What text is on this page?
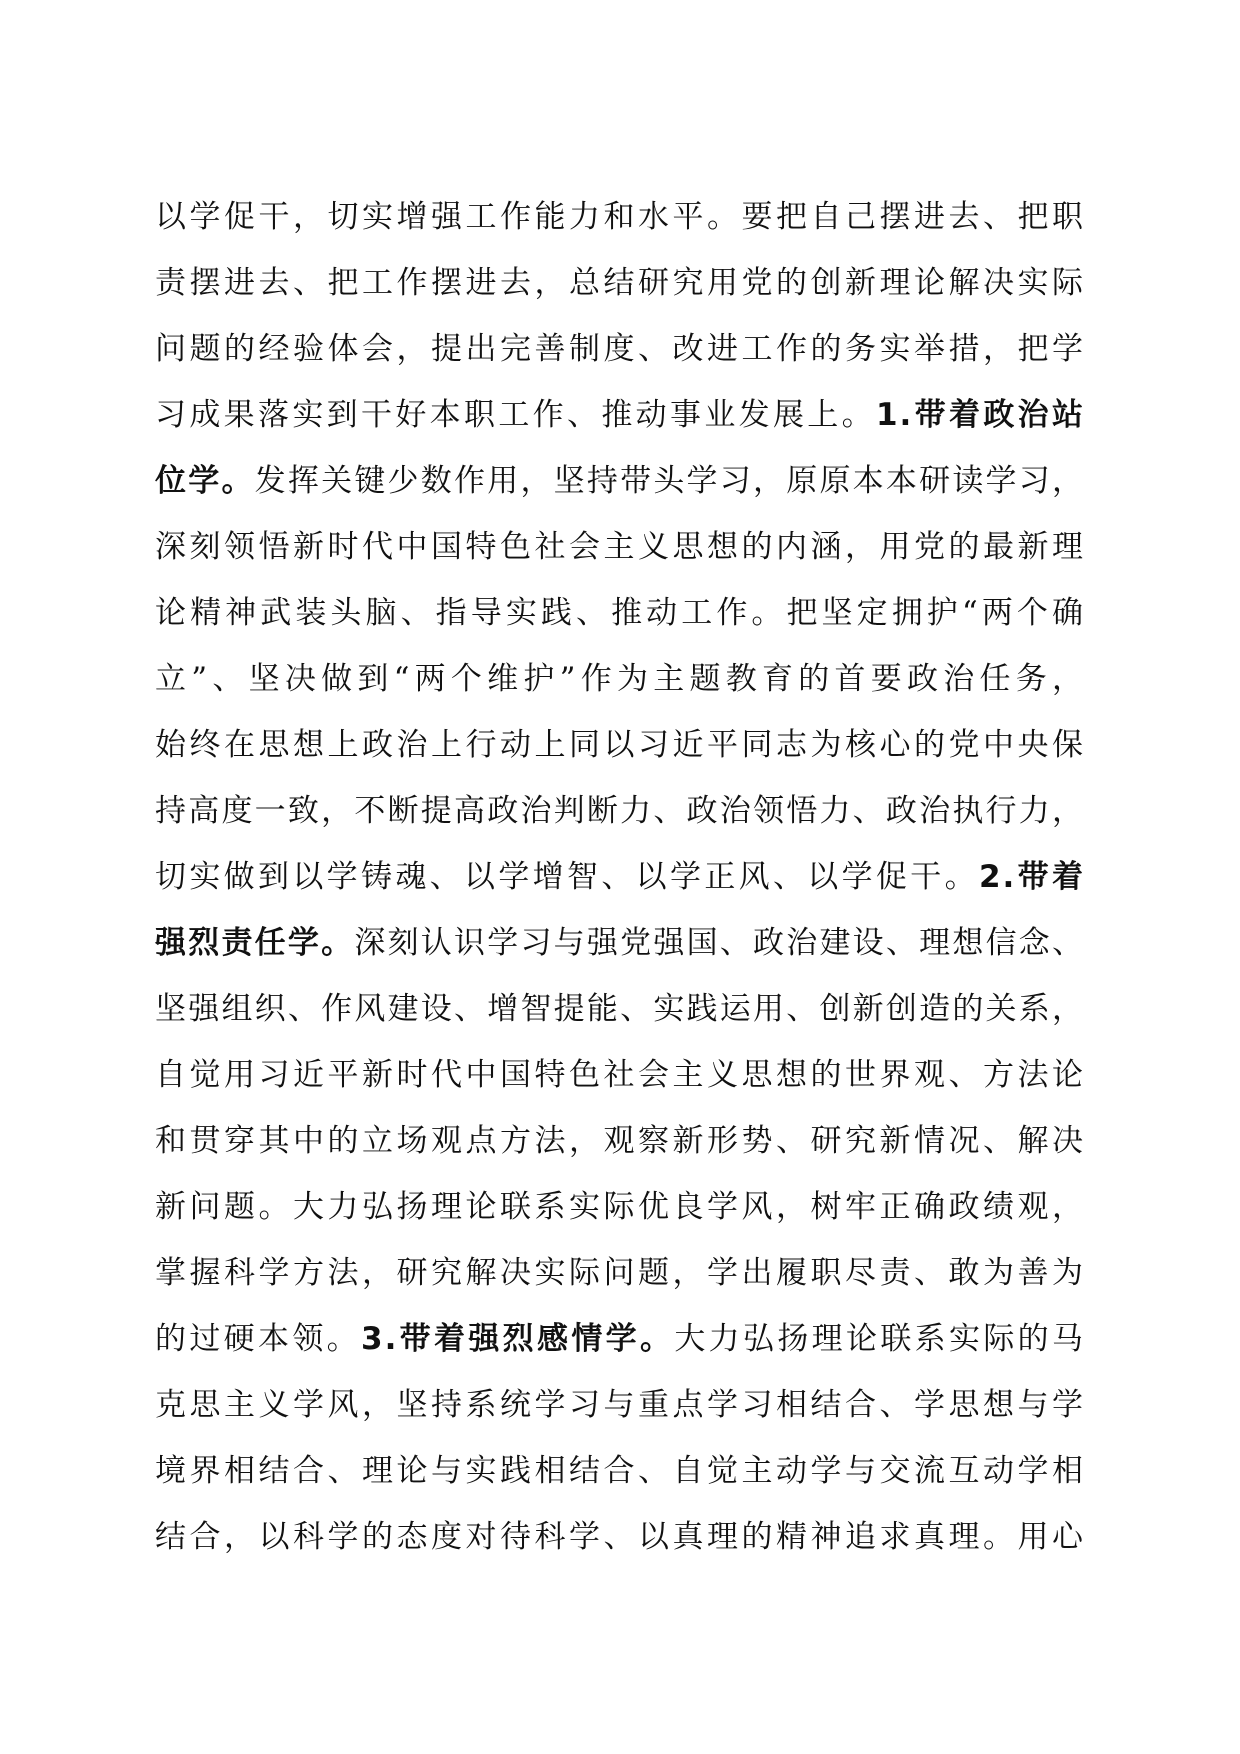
以学促干，切实增强工作能力和水平。要把自己摆进去、把职
责摆进去、把工作摆进去，总结研究用党的创新理论解决实际
问题的经验体会，提出完善制度、改进工作的务实举措，把学
习成果落实到干好本职工作、推动事业发展上。1.带着政治站
位学。发挥关键少数作用，坚持带头学习，原原本本研读学习，
深刻领悟新时代中国特色社会主义思想的内涵，用党的最新理
论精神武装头脑、指导实践、推动工作。把坚定拥护“两个确
立”、坚决做到“两个维护”作为主题教育的首要政治任务，
始终在思想上政治上行动上同以习近平同志为核心的党中央保
持高度一致，不断提高政治判断力、政治领悟力、政治执行力，
切实做到以学铸魂、以学增智、以学正风、以学促干。2.带着
强烈责任学。深刻认识学习与强党强国、政治建设、理想信念、
坚强组织、作风建设、增智提能、实践运用、创新创造的关系，
自觉用习近平新时代中国特色社会主义思想的世界观、方法论
和贯穿其中的立场观点方法，观察新形势、研究新情况、解决
新问题。大力弘扬理论联系实际优良学风，树牢正确政绩观，
掌握科学方法，研究解决实际问题，学出履职尽责、敢为善为
的过硬本领。3.带着强烈感情学。大力弘扬理论联系实际的马
克思主义学风，坚持系统学习与重点学习相结合、学思想与学
境界相结合、理论与实践相结合、自觉主动学与交流互动学相
结合，以科学的态度对待科学、以真理的精神追求真理。用心
